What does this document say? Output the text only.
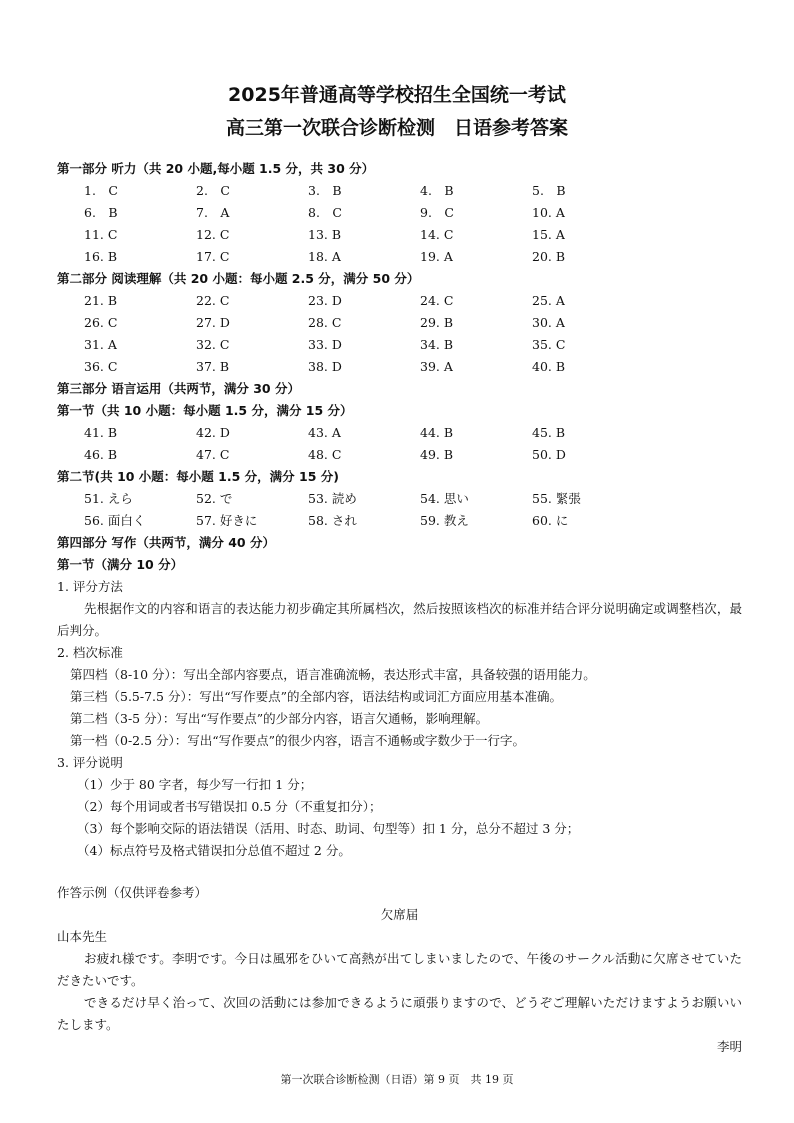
2025年普通高等学校招生全国统一考试
高三第一次联合诊断检测　日语参考答案
第一部分 听力（共 20 小题,每小题 1.5 分，共 30 分）
1.　C	2.　C	3.　B	4.　B	5.　B
6.　B	7.　A	8.　C	9.　C	10. A
11. C	12. C	13. B	14. C	15. A
16. B	17. C	18. A	19. A	20. B
第二部分 阅读理解（共 20 小题：每小题 2.5 分，满分 50 分）
21. B	22. C	23. D	24. C	25. A
26. C	27. D	28. C	29. B	30. A
31. A	32. C	33. D	34. B	35. C
36. C	37. B	38. D	39. A	40. B
第三部分 语言运用（共两节，满分 30 分）
第一节（共 10 小题：每小题 1.5 分，满分 15 分）
41. B	42. D	43. A	44. B	45. B
46. B	47. C	48. C	49. B	50. D
第二节(共 10 小题：每小题 1.5 分，满分 15 分)
51. えら	52. で	53. 読め	54. 思い	55. 緊張
56. 面白く	57. 好きに	58. され	59. 教え	60. に
第四部分 写作（共两节，满分 40 分）
第一节（满分 10 分）
1. 评分方法

先根据作文的内容和语言的表达能力初步确定其所属档次，然后按照该档次的标准并结合评分说明确定或调整档次，最后判分。

2. 档次标准
第四档（8-10 分）：写出全部内容要点，语言准确流畅，表达形式丰富，具备较强的语用能力。
第三档（5.5-7.5 分）：写出“写作要点”的全部内容，语法结构或词汇方面应用基本准确。
第二档（3-5 分）：写出“写作要点”的少部分内容，语言欠通畅，影响理解。
第一档（0-2.5 分）：写出“写作要点”的很少内容，语言不通畅或字数少于一行字。
3. 评分说明
（1）少于 80 字者，每少写一行扣 1 分；
（2）每个用词或者书写错误扣 0.5 分（不重复扣分）；
（3）每个影响交际的语法错误（活用、时态、助词、句型等）扣 1 分，总分不超过 3 分；
（4）标点符号及格式错误扣分总值不超过 2 分。
作答示例（仅供评卷参考）
欠席届
山本先生

お疲れ様です。李明です。今日は風邪をひいて高熱が出てしまいましたので、午後のサークル活動に欠席させていただきたいです。

できるだけ早く治って、次回の活動には参加できるように頑張りますので、どうぞご理解いただけますようお願いいたします。

李明
第一次联合诊断检测（日语）第 9 页　共 19 页
